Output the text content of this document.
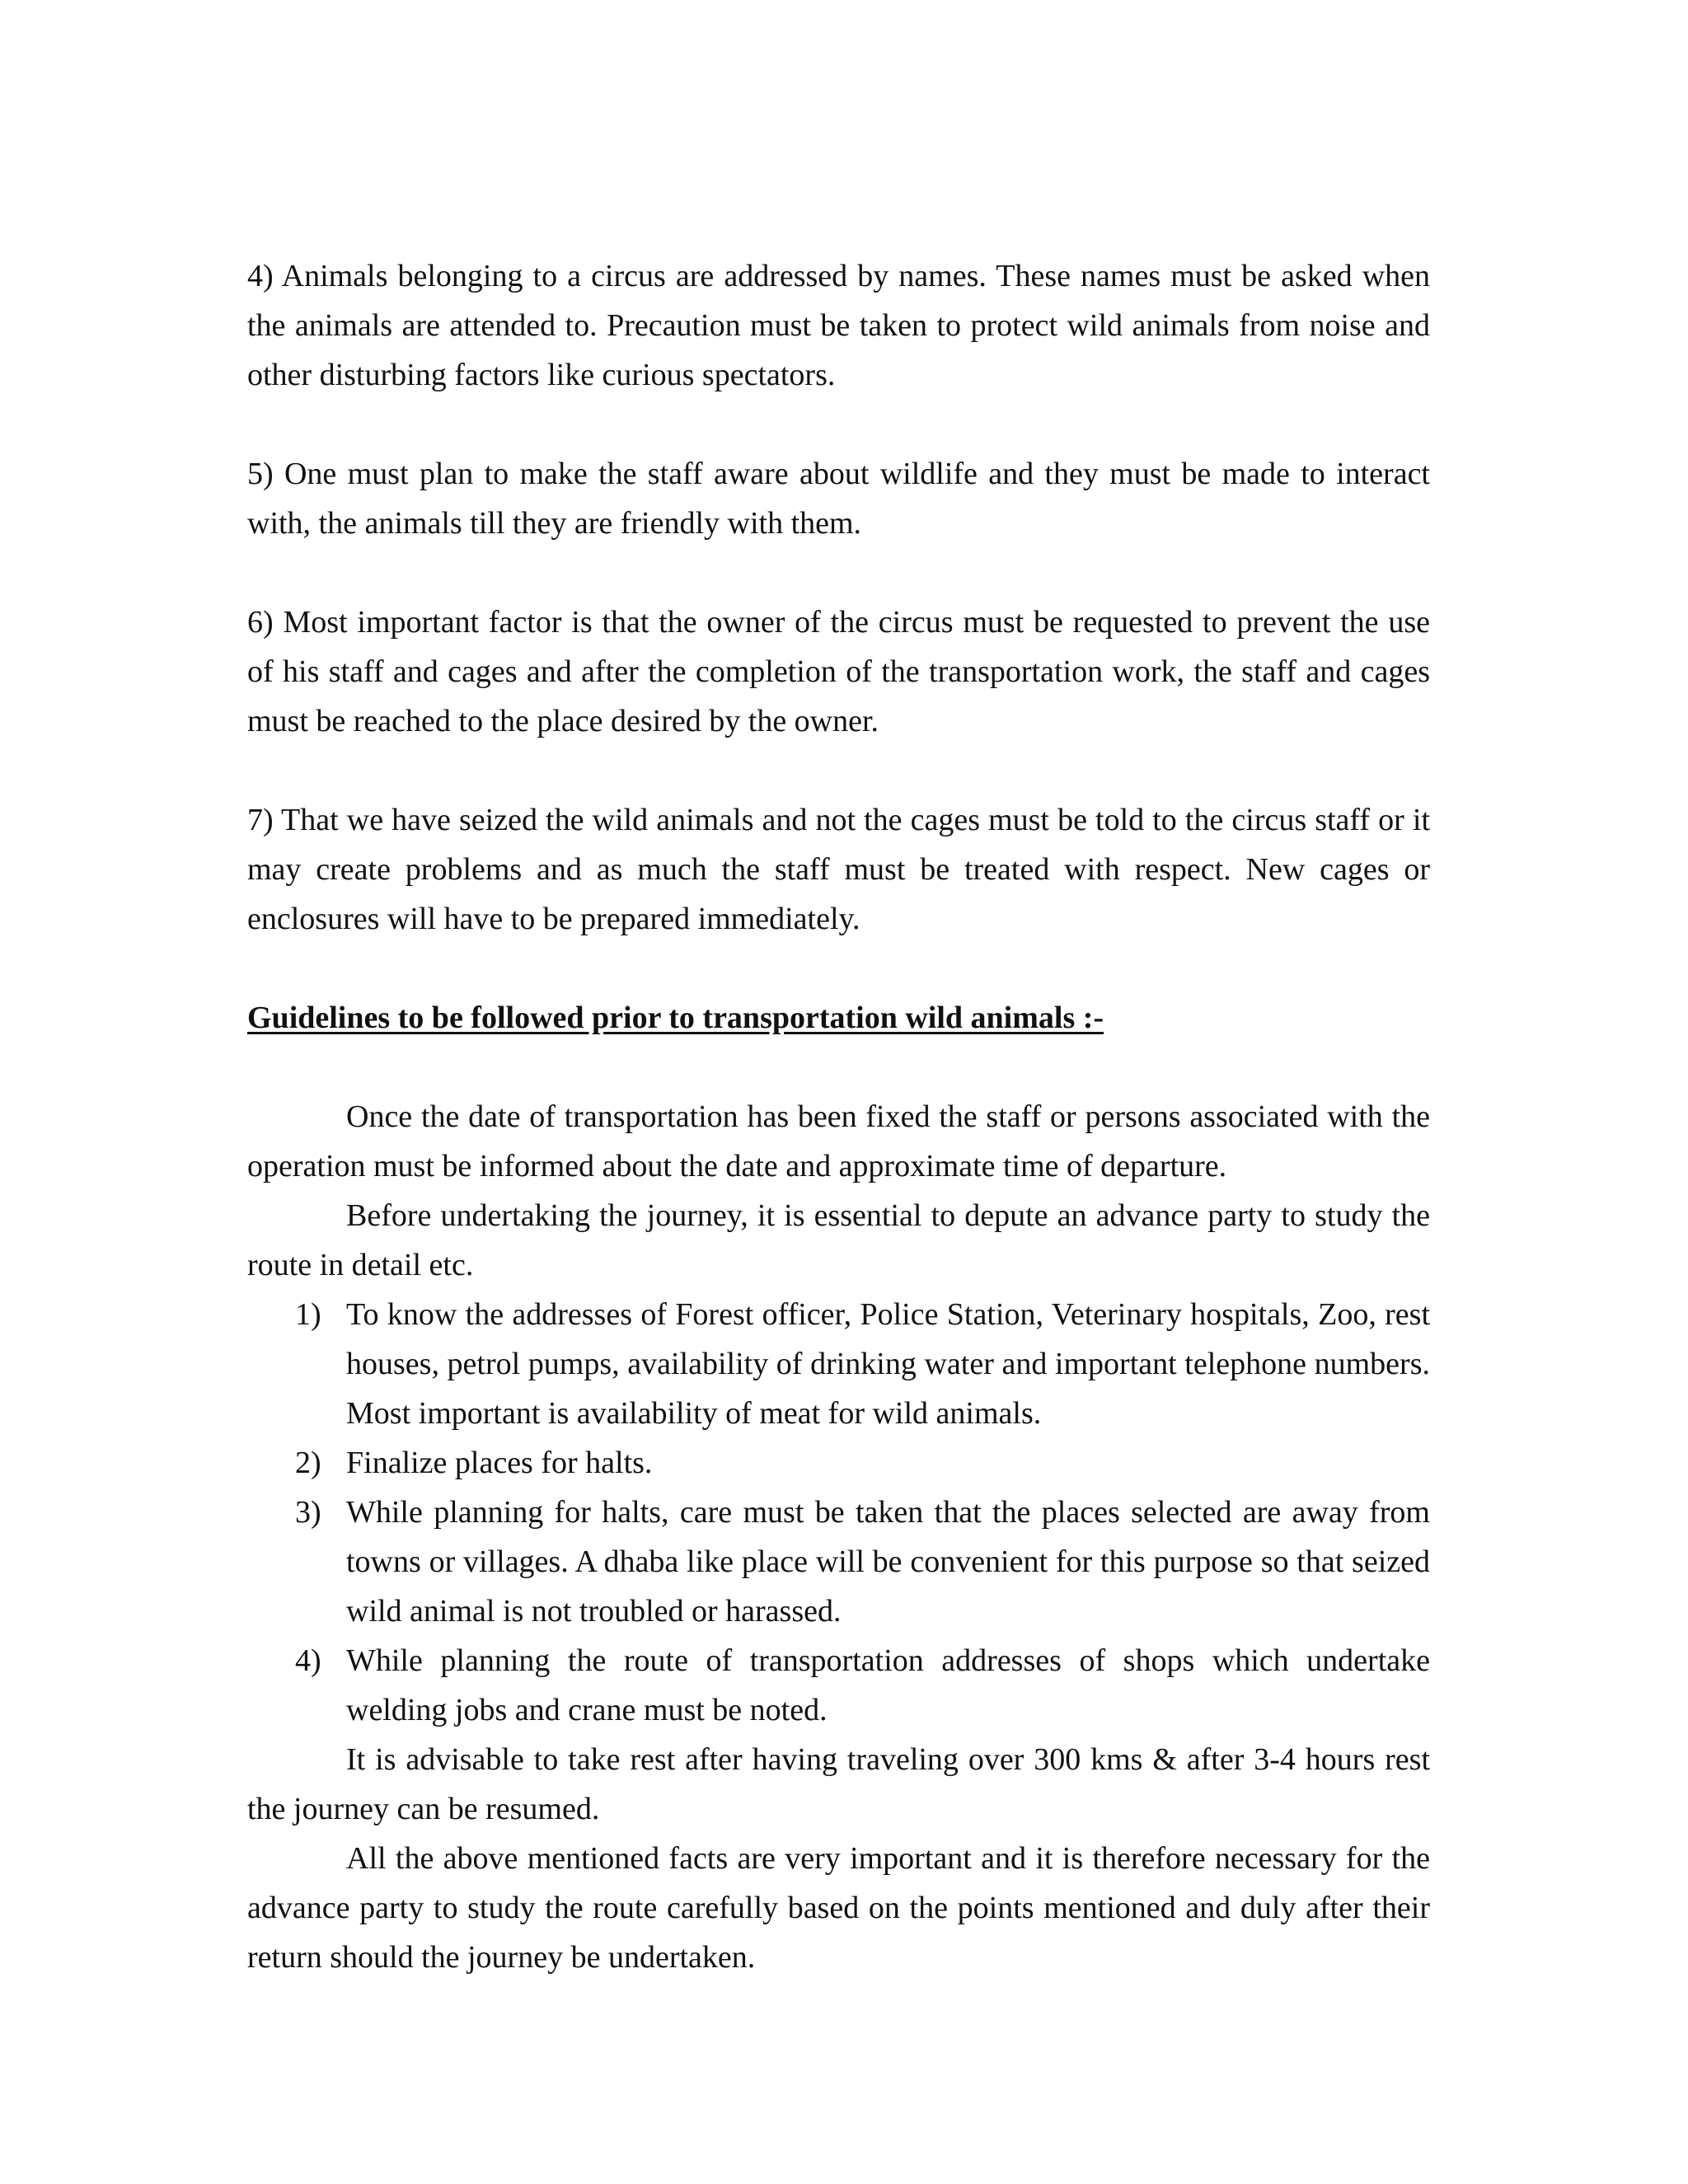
4) Animals belonging to a circus are addressed by names. These names must be asked when the animals are attended to. Precaution must be taken to protect wild animals from noise and other disturbing factors like curious spectators.

5) One must plan to make the staff aware about wildlife and they must be made to interact with, the animals till they are friendly with them.

6) Most important factor is that the owner of the circus must be requested to prevent the use of his staff and cages and after the completion of the transportation work, the staff and cages must be reached to the place desired by the owner.

7) That we have seized the wild animals and not the cages must be told to the circus staff or it may create problems and as much the staff must be treated with respect. New cages or enclosures will have to be prepared immediately.

Guidelines to be followed prior to transportation wild animals :-

Once the date of transportation has been fixed the staff or persons associated with the operation must be informed about the date and approximate time of departure.

Before undertaking the journey, it is essential to depute an advance party to study the route in detail etc.

1) To know the addresses of Forest officer, Police Station, Veterinary hospitals, Zoo, rest houses, petrol pumps, availability of drinking water and important telephone numbers. Most important is availability of meat for wild animals.
2) Finalize places for halts.
3) While planning for halts, care must be taken that the places selected are away from towns or villages. A dhaba like place will be convenient for this purpose so that seized wild animal is not troubled or harassed.
4) While planning the route of transportation addresses of shops which undertake welding jobs and crane must be noted.

It is advisable to take rest after having traveling over 300 kms & after 3-4 hours rest the journey can be resumed.

All the above mentioned facts are very important and it is therefore necessary for the advance party to study the route carefully based on the points mentioned and duly after their return should the journey be undertaken.
